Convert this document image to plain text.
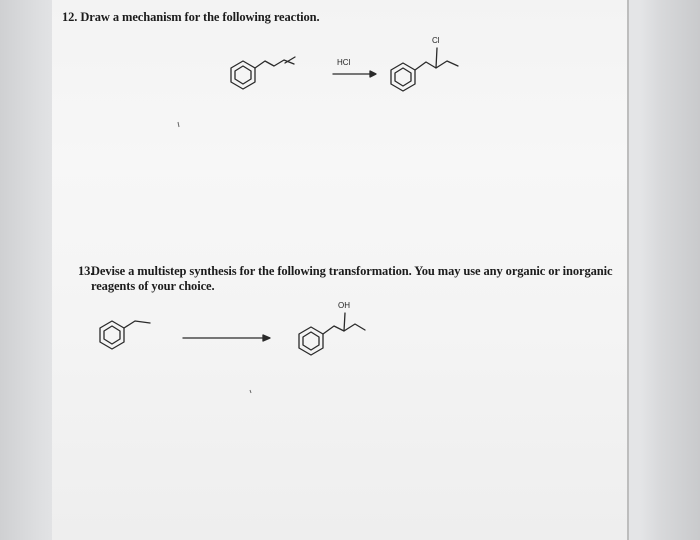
12. Draw a mechanism for the following reaction.
13.
Devise a multistep synthesis for the following transformation. You may use any organic or inorganic
reagents of your choice.
HCl
Cl
OH
